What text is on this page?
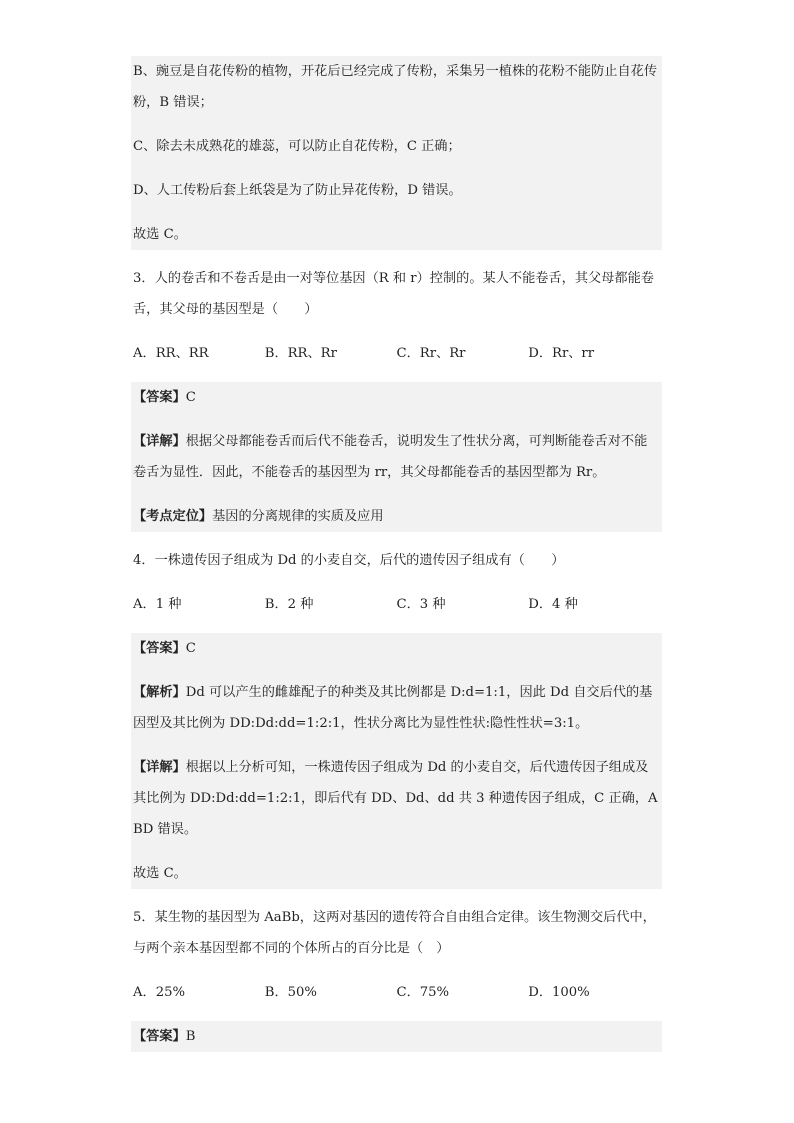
B、豌豆是自花传粉的植物，开花后已经完成了传粉，采集另一植株的花粉不能防止自花传粉，B 错误；

C、除去未成熟花的雄蕊，可以防止自花传粉，C 正确；

D、人工传粉后套上纸袋是为了防止异花传粉，D 错误。

故选 C。

3．人的卷舌和不卷舌是由一对等位基因（R 和 r）控制的。某人不能卷舌，其父母都能卷舌，其父母的基因型是（　　）

A．RR、RR	B．RR、Rr	C．Rr、Rr	D．Rr、rr

【答案】C

【详解】根据父母都能卷舌而后代不能卷舌，说明发生了性状分离，可判断能卷舌对不能卷舌为显性．因此，不能卷舌的基因型为 rr，其父母都能卷舌的基因型都为 Rr。

【考点定位】基因的分离规律的实质及应用

4．一株遗传因子组成为 Dd 的小麦自交，后代的遗传因子组成有（　　）

A．1 种	B．2 种	C．3 种	D．4 种

【答案】C

【解析】Dd 可以产生的雌雄配子的种类及其比例都是 D:d=1:1，因此 Dd 自交后代的基因型及其比例为 DD:Dd:dd=1:2:1，性状分离比为显性性状:隐性性状=3:1。

【详解】根据以上分析可知，一株遗传因子组成为 Dd 的小麦自交，后代遗传因子组成及其比例为 DD:Dd:dd=1:2:1，即后代有 DD、Dd、dd 共 3 种遗传因子组成，C 正确，ABD 错误。

故选 C。

5．某生物的基因型为 AaBb，这两对基因的遗传符合自由组合定律。该生物测交后代中，与两个亲本基因型都不同的个体所占的百分比是（　）

A．25%	B．50%	C．75%	D．100%

【答案】B
